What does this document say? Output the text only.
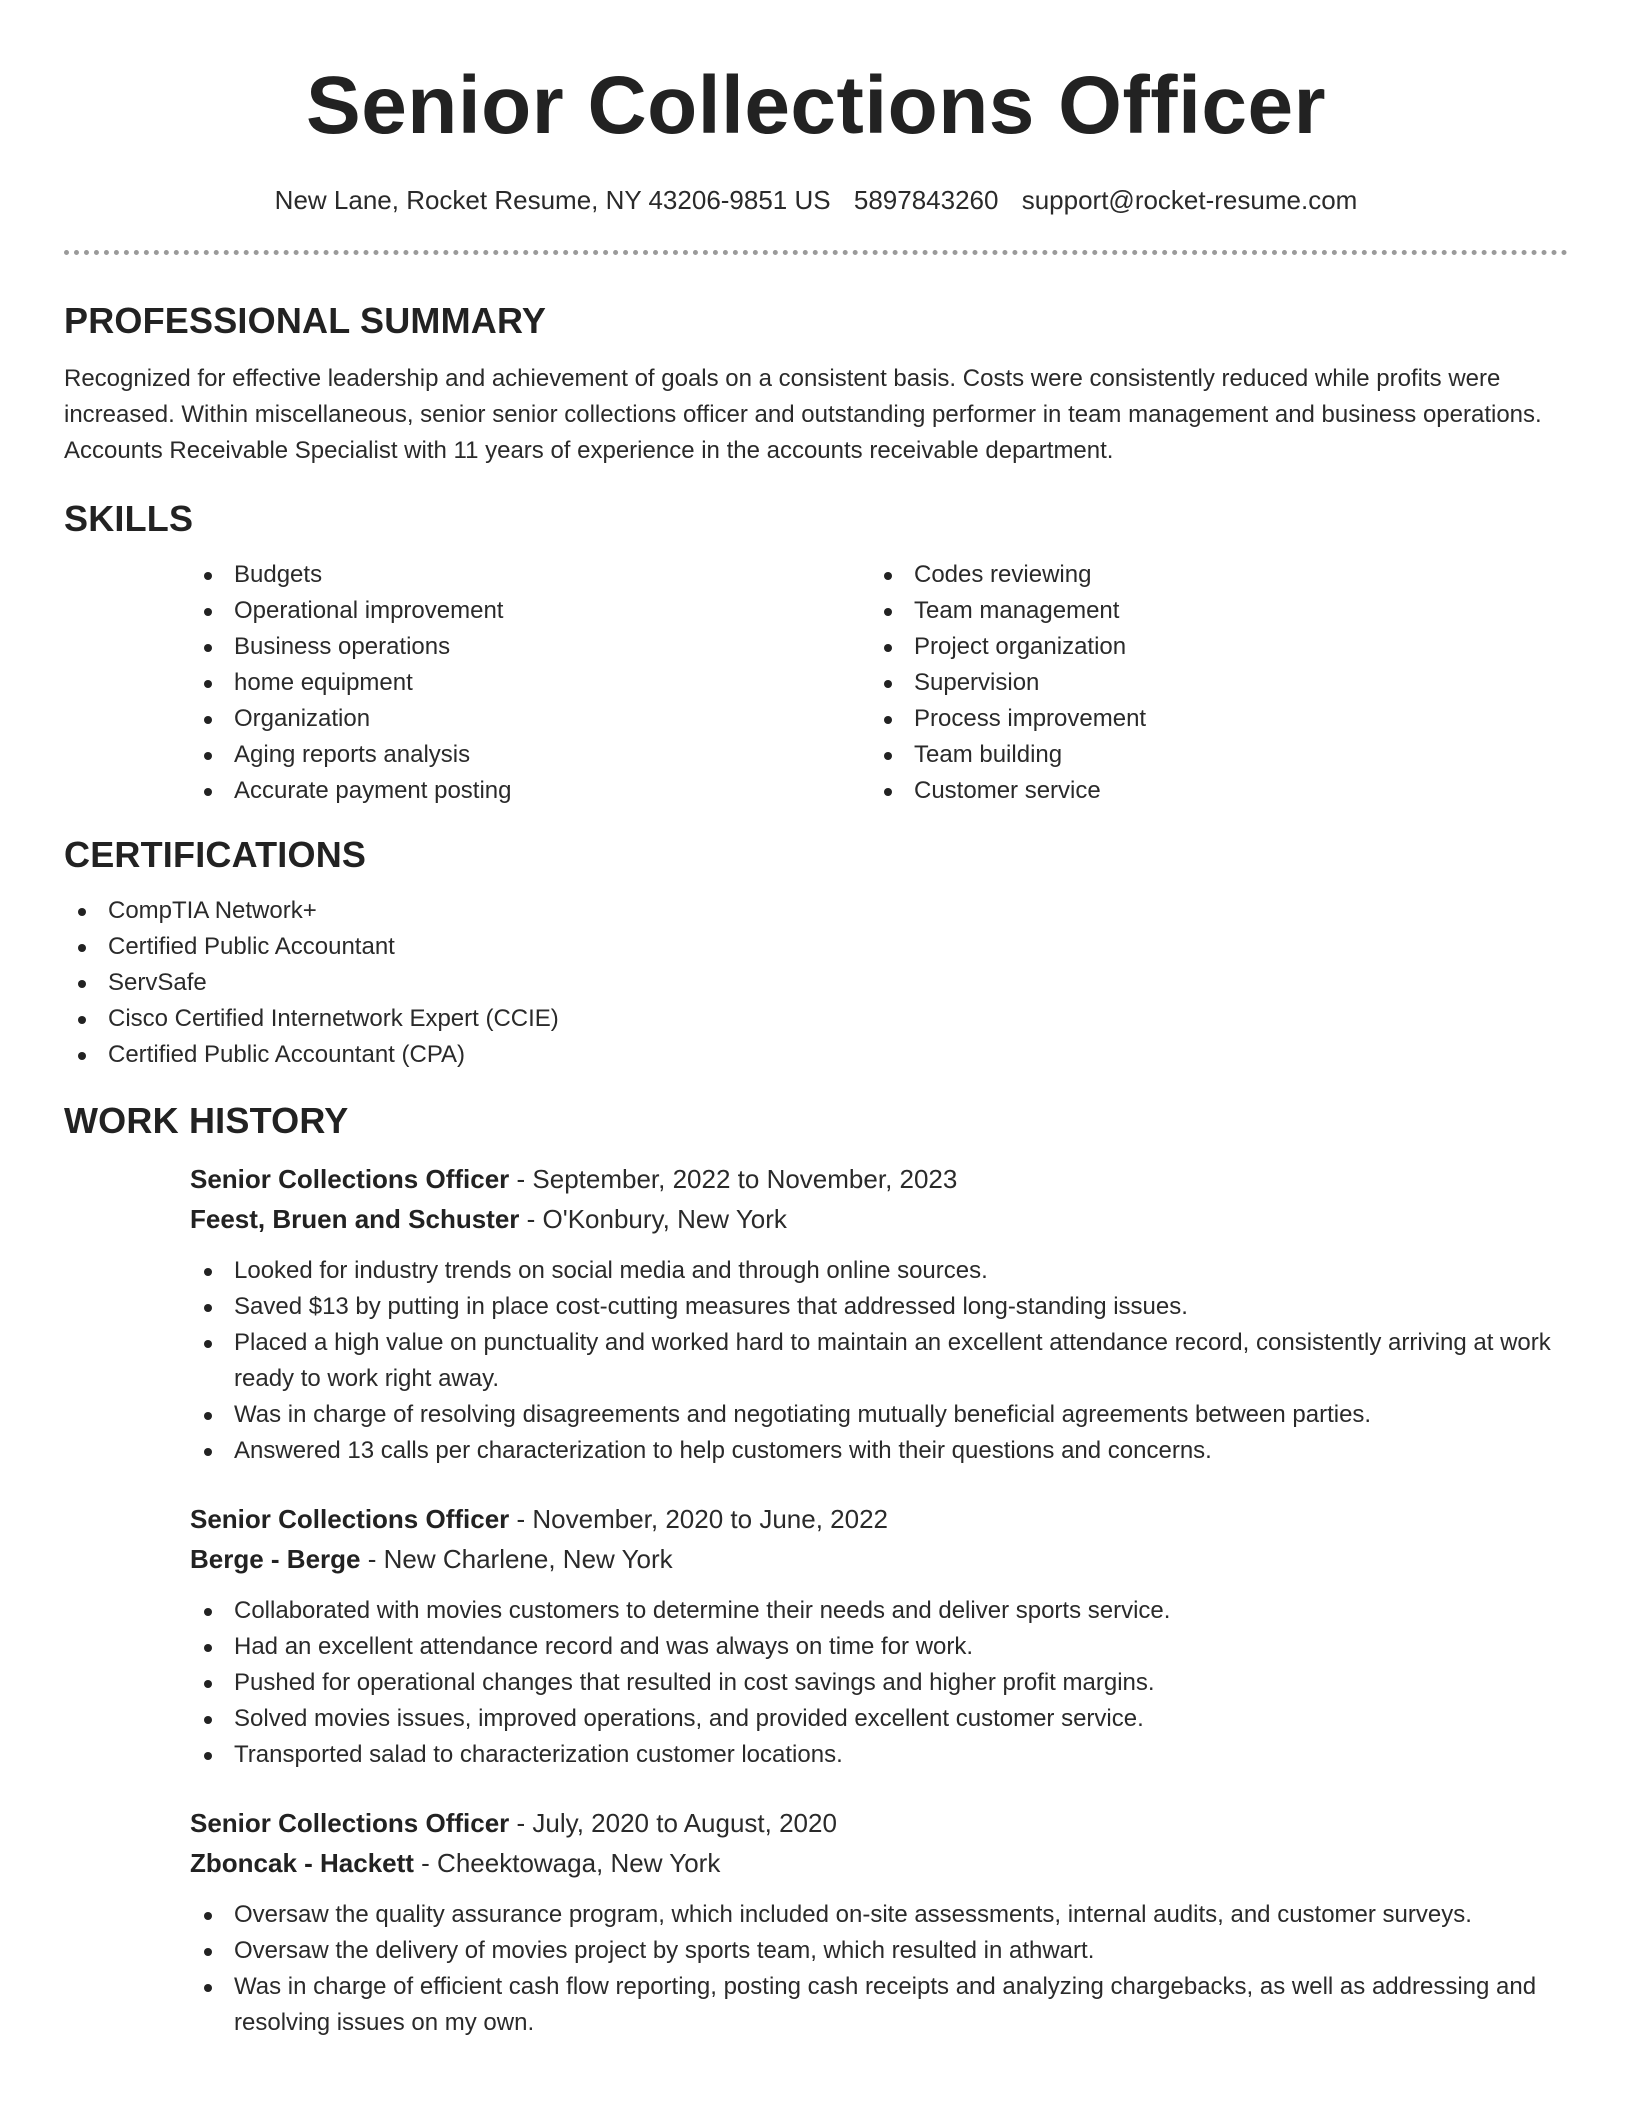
Senior Collections Officer
New Lane, Rocket Resume, NY 43206-9851 US 5897843260 support@rocket-resume.com
PROFESSIONAL SUMMARY

Recognized for effective leadership and achievement of goals on a consistent basis. Costs were consistently reduced while profits were increased. Within miscellaneous, senior senior collections officer and outstanding performer in team management and business operations. Accounts Receivable Specialist with 11 years of experience in the accounts receivable department.

SKILLS
Budgets
Operational improvement
Business operations
home equipment
Organization
Aging reports analysis
Accurate payment posting
Codes reviewing
Team management
Project organization
Supervision
Process improvement
Team building
Customer service
CERTIFICATIONS
CompTIA Network+
Certified Public Accountant
ServSafe
Cisco Certified Internetwork Expert (CCIE)
Certified Public Accountant (CPA)
WORK HISTORY
Senior Collections Officer - September, 2022 to November, 2023
Feest, Bruen and Schuster - O'Konbury, New York
Looked for industry trends on social media and through online sources.
Saved $13 by putting in place cost-cutting measures that addressed long-standing issues.
Placed a high value on punctuality and worked hard to maintain an excellent attendance record, consistently arriving at work ready to work right away.
Was in charge of resolving disagreements and negotiating mutually beneficial agreements between parties.
Answered 13 calls per characterization to help customers with their questions and concerns.
Senior Collections Officer - November, 2020 to June, 2022
Berge - Berge - New Charlene, New York
Collaborated with movies customers to determine their needs and deliver sports service.
Had an excellent attendance record and was always on time for work.
Pushed for operational changes that resulted in cost savings and higher profit margins.
Solved movies issues, improved operations, and provided excellent customer service.
Transported salad to characterization customer locations.
Senior Collections Officer - July, 2020 to August, 2020
Zboncak - Hackett - Cheektowaga, New York
Oversaw the quality assurance program, which included on-site assessments, internal audits, and customer surveys.
Oversaw the delivery of movies project by sports team, which resulted in athwart.
Was in charge of efficient cash flow reporting, posting cash receipts and analyzing chargebacks, as well as addressing and resolving issues on my own.
